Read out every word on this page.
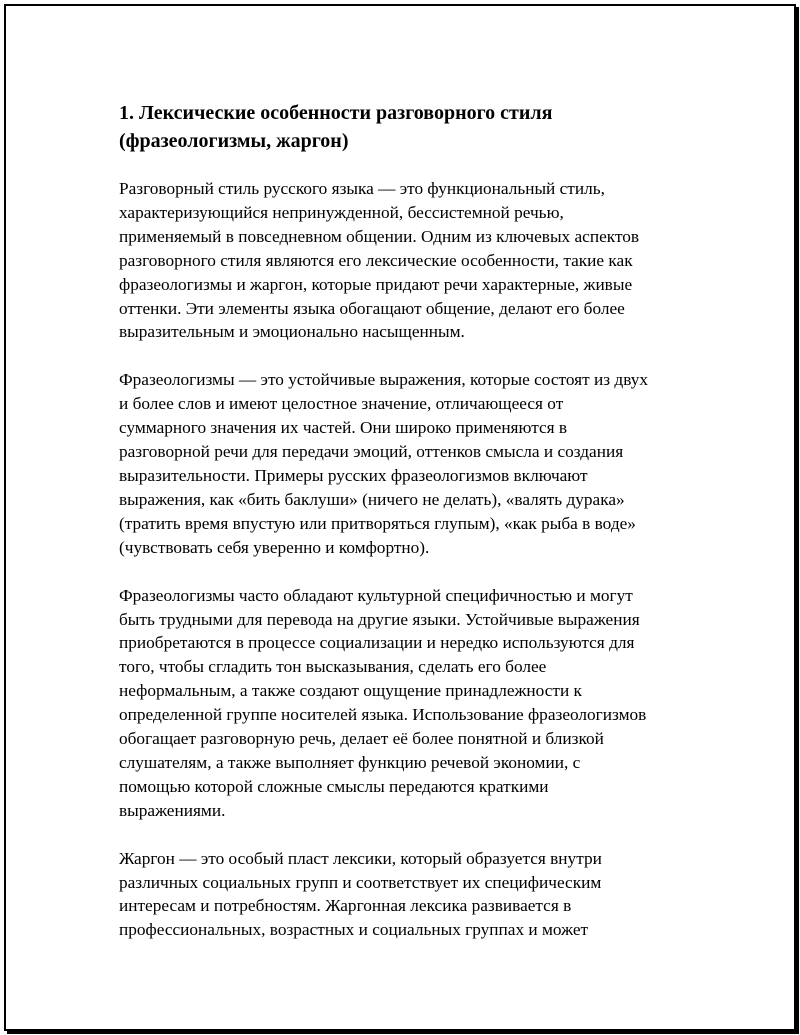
1. Лексические особенности разговорного стиля (фразеологизмы, жаргон)

Разговорный стиль русского языка — это функциональный стиль,
характеризующийся непринужденной, бессистемной речью,
применяемый в повседневном общении. Одним из ключевых аспектов
разговорного стиля являются его лексические особенности, такие как
фразеологизмы и жаргон, которые придают речи характерные, живые
оттенки. Эти элементы языка обогащают общение, делают его более
выразительным и эмоционально насыщенным.

Фразеологизмы — это устойчивые выражения, которые состоят из двух
и более слов и имеют целостное значение, отличающееся от
суммарного значения их частей. Они широко применяются в
разговорной речи для передачи эмоций, оттенков смысла и создания
выразительности. Примеры русских фразеологизмов включают
выражения, как «бить баклуши» (ничего не делать), «валять дурака»
(тратить время впустую или притворяться глупым), «как рыба в воде»
(чувствовать себя уверенно и комфортно).

Фразеологизмы часто обладают культурной специфичностью и могут
быть трудными для перевода на другие языки. Устойчивые выражения
приобретаются в процессе социализации и нередко используются для
того, чтобы сгладить тон высказывания, сделать его более
неформальным, а также создают ощущение принадлежности к
определенной группе носителей языка. Использование фразеологизмов
обогащает разговорную речь, делает её более понятной и близкой
слушателям, а также выполняет функцию речевой экономии, с
помощью которой сложные смыслы передаются краткими
выражениями.

Жаргон — это особый пласт лексики, который образуется внутри
различных социальных групп и соответствует их специфическим
интересам и потребностям. Жаргонная лексика развивается в
профессиональных, возрастных и социальных группах и может
